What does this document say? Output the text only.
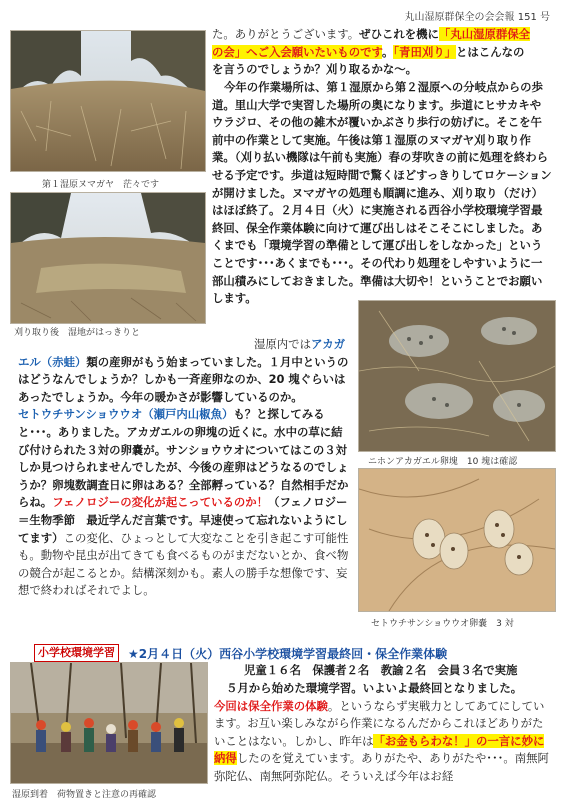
丸山湿原群保全の会会報 151 号
第１湿原ヌマガヤ　茫々です
刈り取り後　湿地がはっきりと

た。ありがとうございます。ぜひこれを機に「丸山湿原群保全

の会」へご入会願いたいものです。「青田刈り」とはこんなの

を言うのでしょうか？刈り取るかな～。

今年の作業場所は、第１湿原から第２湿原への分岐点からの歩道。里山大学で実習した場所の奥になります。歩道にヒサカキやウラジロ、その他の雑木が覆いかぶさり歩行の妨げに。そこを午前中の作業として実施。午後は第１湿原のヌマガヤ刈り取り作業。（刈り払い機隊は午前も実施）春の芽吹きの前に処理を終わらせる予定です。歩道は短時間で驚くほどすっきりしてロケーションが開けました。ヌマガヤの処理も順調に進み、刈り取り（だけ）はほぼ終了。２月４日（火）に実施される西谷小学校環境学習最終回、保全作業体験に向けて運び出しはそこそこにしました。あくまでも「環境学習の準備として運び出しをしなかった」ということです･･･あくまでも･･･。その代わり処理をしやすいように一部山積みにしておきました。準備は大切や！ということでお願いします。

ニホンアカガエル卵塊　10 塊は確認
セトウチサンショウウオ卵嚢　3 対

湿原内ではアカガエル（赤蛙）類の産卵がもう始まっていました。１月中というのはどうなんでしょうか？しかも一斉産卵なのか、20 塊ぐらいはあったでしょうか。今年の暖かさが影響しているのか。

セトウチサンショウウオ（瀬戸内山椒魚）も？と探してみると･･･。ありました。アカガエルの卵塊の近くに。水中の草に結び付けられた３対の卵嚢が。サンショウウオについてはこの３対しか見つけられませんでしたが、今後の産卵はどうなるのでしょうか？卵塊数調査日に卵はある？全部孵っている？自然相手だからね。フェノロジーの変化が起こっているのか！（フェノロジー＝生物季節　最近学んだ言葉です。早速使って忘れないようにしてます）この変化、ひょっとして大変なことを引き起こす可能性も。動物や昆虫が出てきても食べるものがまだないとか、食べ物の競合が起こるとか。結構深刻かも。素人の勝手な想像です、妄想で終わればそれでよし。

小学校環境学習	★2月４日（火）西谷小学校環境学習最終回・保全作業体験
児童１６名　保護者２名　教諭２名　会員３名で実施
湿原到着　荷物置きと注意の再確認

５月から始めた環境学習。いよいよ最終回となりました。

今回は保全作業の体験。というならず実戦力としてあてにしています。お互い楽しみながら作業になるんだからこれほどありがたいことはない。しかし、昨年は「お金もらわな！」の一言に妙に納得したのを覚えています。ありがたや、ありがたや･･･。南無阿弥陀仏、南無阿弥陀仏。そういえば今年はお経
